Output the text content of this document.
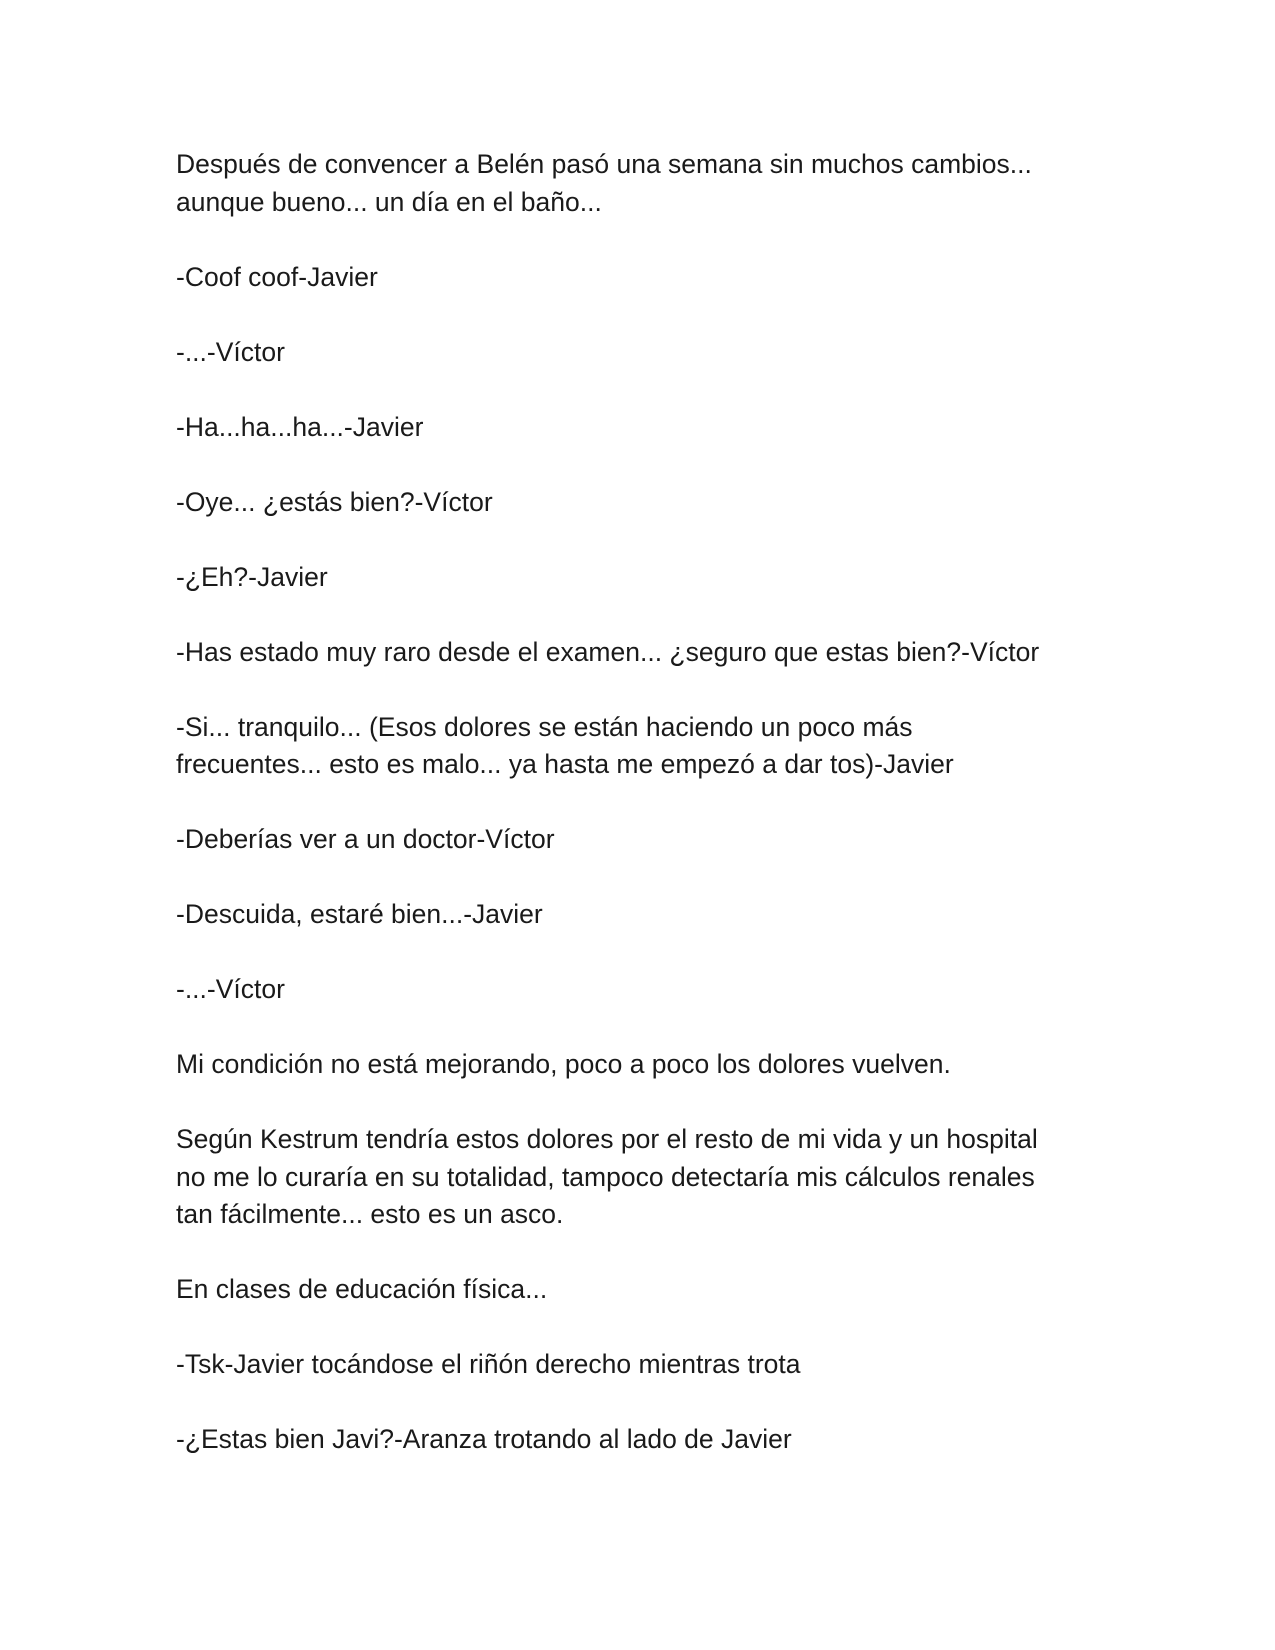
Después de convencer a Belén pasó una semana sin muchos cambios...
aunque bueno... un día en el baño...

-Coof coof-Javier

-...-Víctor

-Ha...ha...ha...-Javier

-Oye... ¿estás bien?-Víctor

-¿Eh?-Javier

-Has estado muy raro desde el examen... ¿seguro que estas bien?-Víctor

-Si... tranquilo... (Esos dolores se están haciendo un poco más
frecuentes... esto es malo... ya hasta me empezó a dar tos)-Javier

-Deberías ver a un doctor-Víctor

-Descuida, estaré bien...-Javier

-...-Víctor

Mi condición no está mejorando, poco a poco los dolores vuelven.

Según Kestrum tendría estos dolores por el resto de mi vida y un hospital
no me lo curaría en su totalidad, tampoco detectaría mis cálculos renales
tan fácilmente... esto es un asco.

En clases de educación física...

-Tsk-Javier tocándose el riñón derecho mientras trota

-¿Estas bien Javi?-Aranza trotando al lado de Javier
